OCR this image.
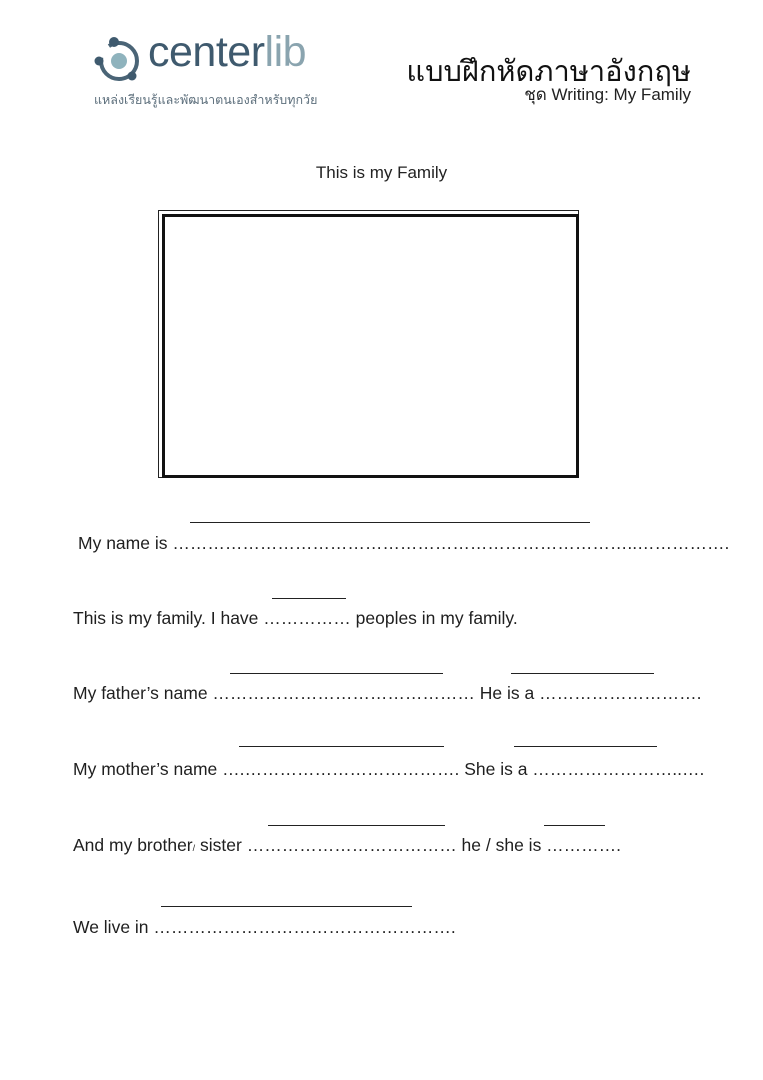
centerlib
แหล่งเรียนรู้และพัฒนาตนเองสำหรับทุกวัย
แบบฝึกหัดภาษาอังกฤษ
ชุด Writing: My Family
This is my Family
My name is ……………………………………………………………………..…………….
This is my family. I have …………… peoples in my family.
My father’s name ……………………………………… He is a ……………………….
My mother’s name ….………………………………. She is a ……………………..….
And my brother/ sister ……………………………… he / she is ………….
We live in …………………………………………….
